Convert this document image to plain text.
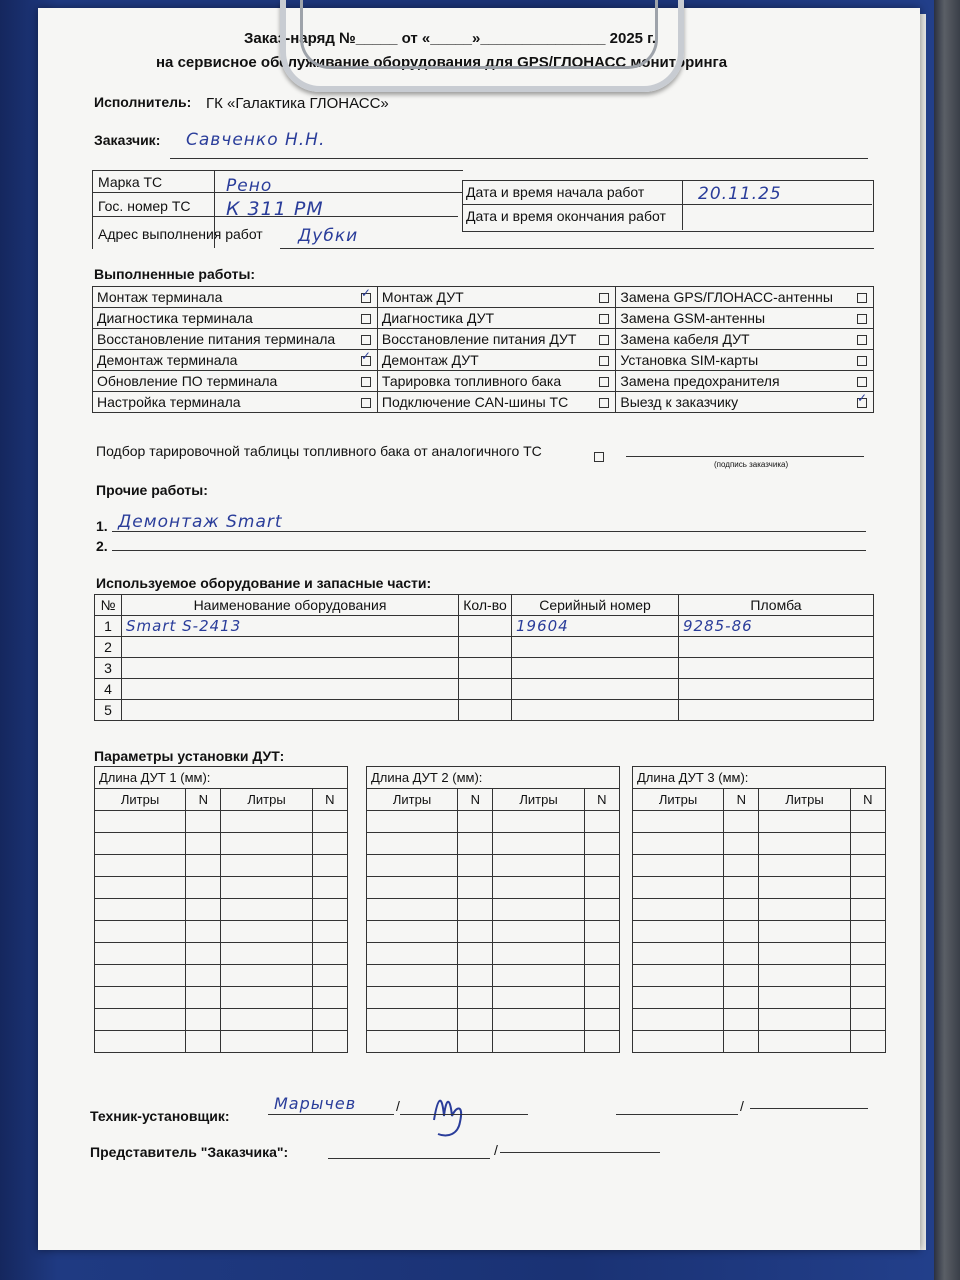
Заказ-наряд №_____ от «_____»_______________ 2025 г.
на сервисное обслуживание оборудования для GPS/ГЛОНАСС мониторинга
Исполнитель: ГК «Галактика ГЛОНАСС»
Заказчик: Савченко Н.Н.
Марка ТС	Рено
Гос. номер ТС К 311 РМ
Адрес выполнения работ Дубки
Дата и время начала работ	20.11.25
Дата и время окончания работ
Выполненные работы:
Монтаж терминала	✓	Монтаж ДУТ		Замена GPS/ГЛОНАСС-антенны	
Диагностика терминала		Диагностика ДУТ		Замена GSM-антенны	
Восстановление питания терминала		Восстановление питания ДУТ		Замена кабеля ДУТ	
Демонтаж терминала	✓	Демонтаж ДУТ		Установка SIM-карты	
Обновление ПО терминала		Тарировка топливного бака		Замена предохранителя	
Настройка терминала		Подключение CAN-шины ТС		Выезд к заказчику	✓
Подбор тарировочной таблицы топливного бака от аналогичного ТС
(подпись заказчика)
Прочие работы:
1. Демонтаж Smart
2.
Используемое оборудование и запасные части:
№	Наименование оборудования	Кол-во	Серийный номер	Пломба
1	Smart S-2413		19604	9285-86
2				
3				
4				
5				
Параметры установки ДУТ:
Длина ДУТ 1 (мм):			
Литры	N	Литры	N

Длина ДУТ 2 (мм):			
Литры	N	Литры	N

Длина ДУТ 3 (мм):			
Литры	N	Литры	N

Техник-установщик:
Марычев	/	/
Представитель "Заказчика":	/
